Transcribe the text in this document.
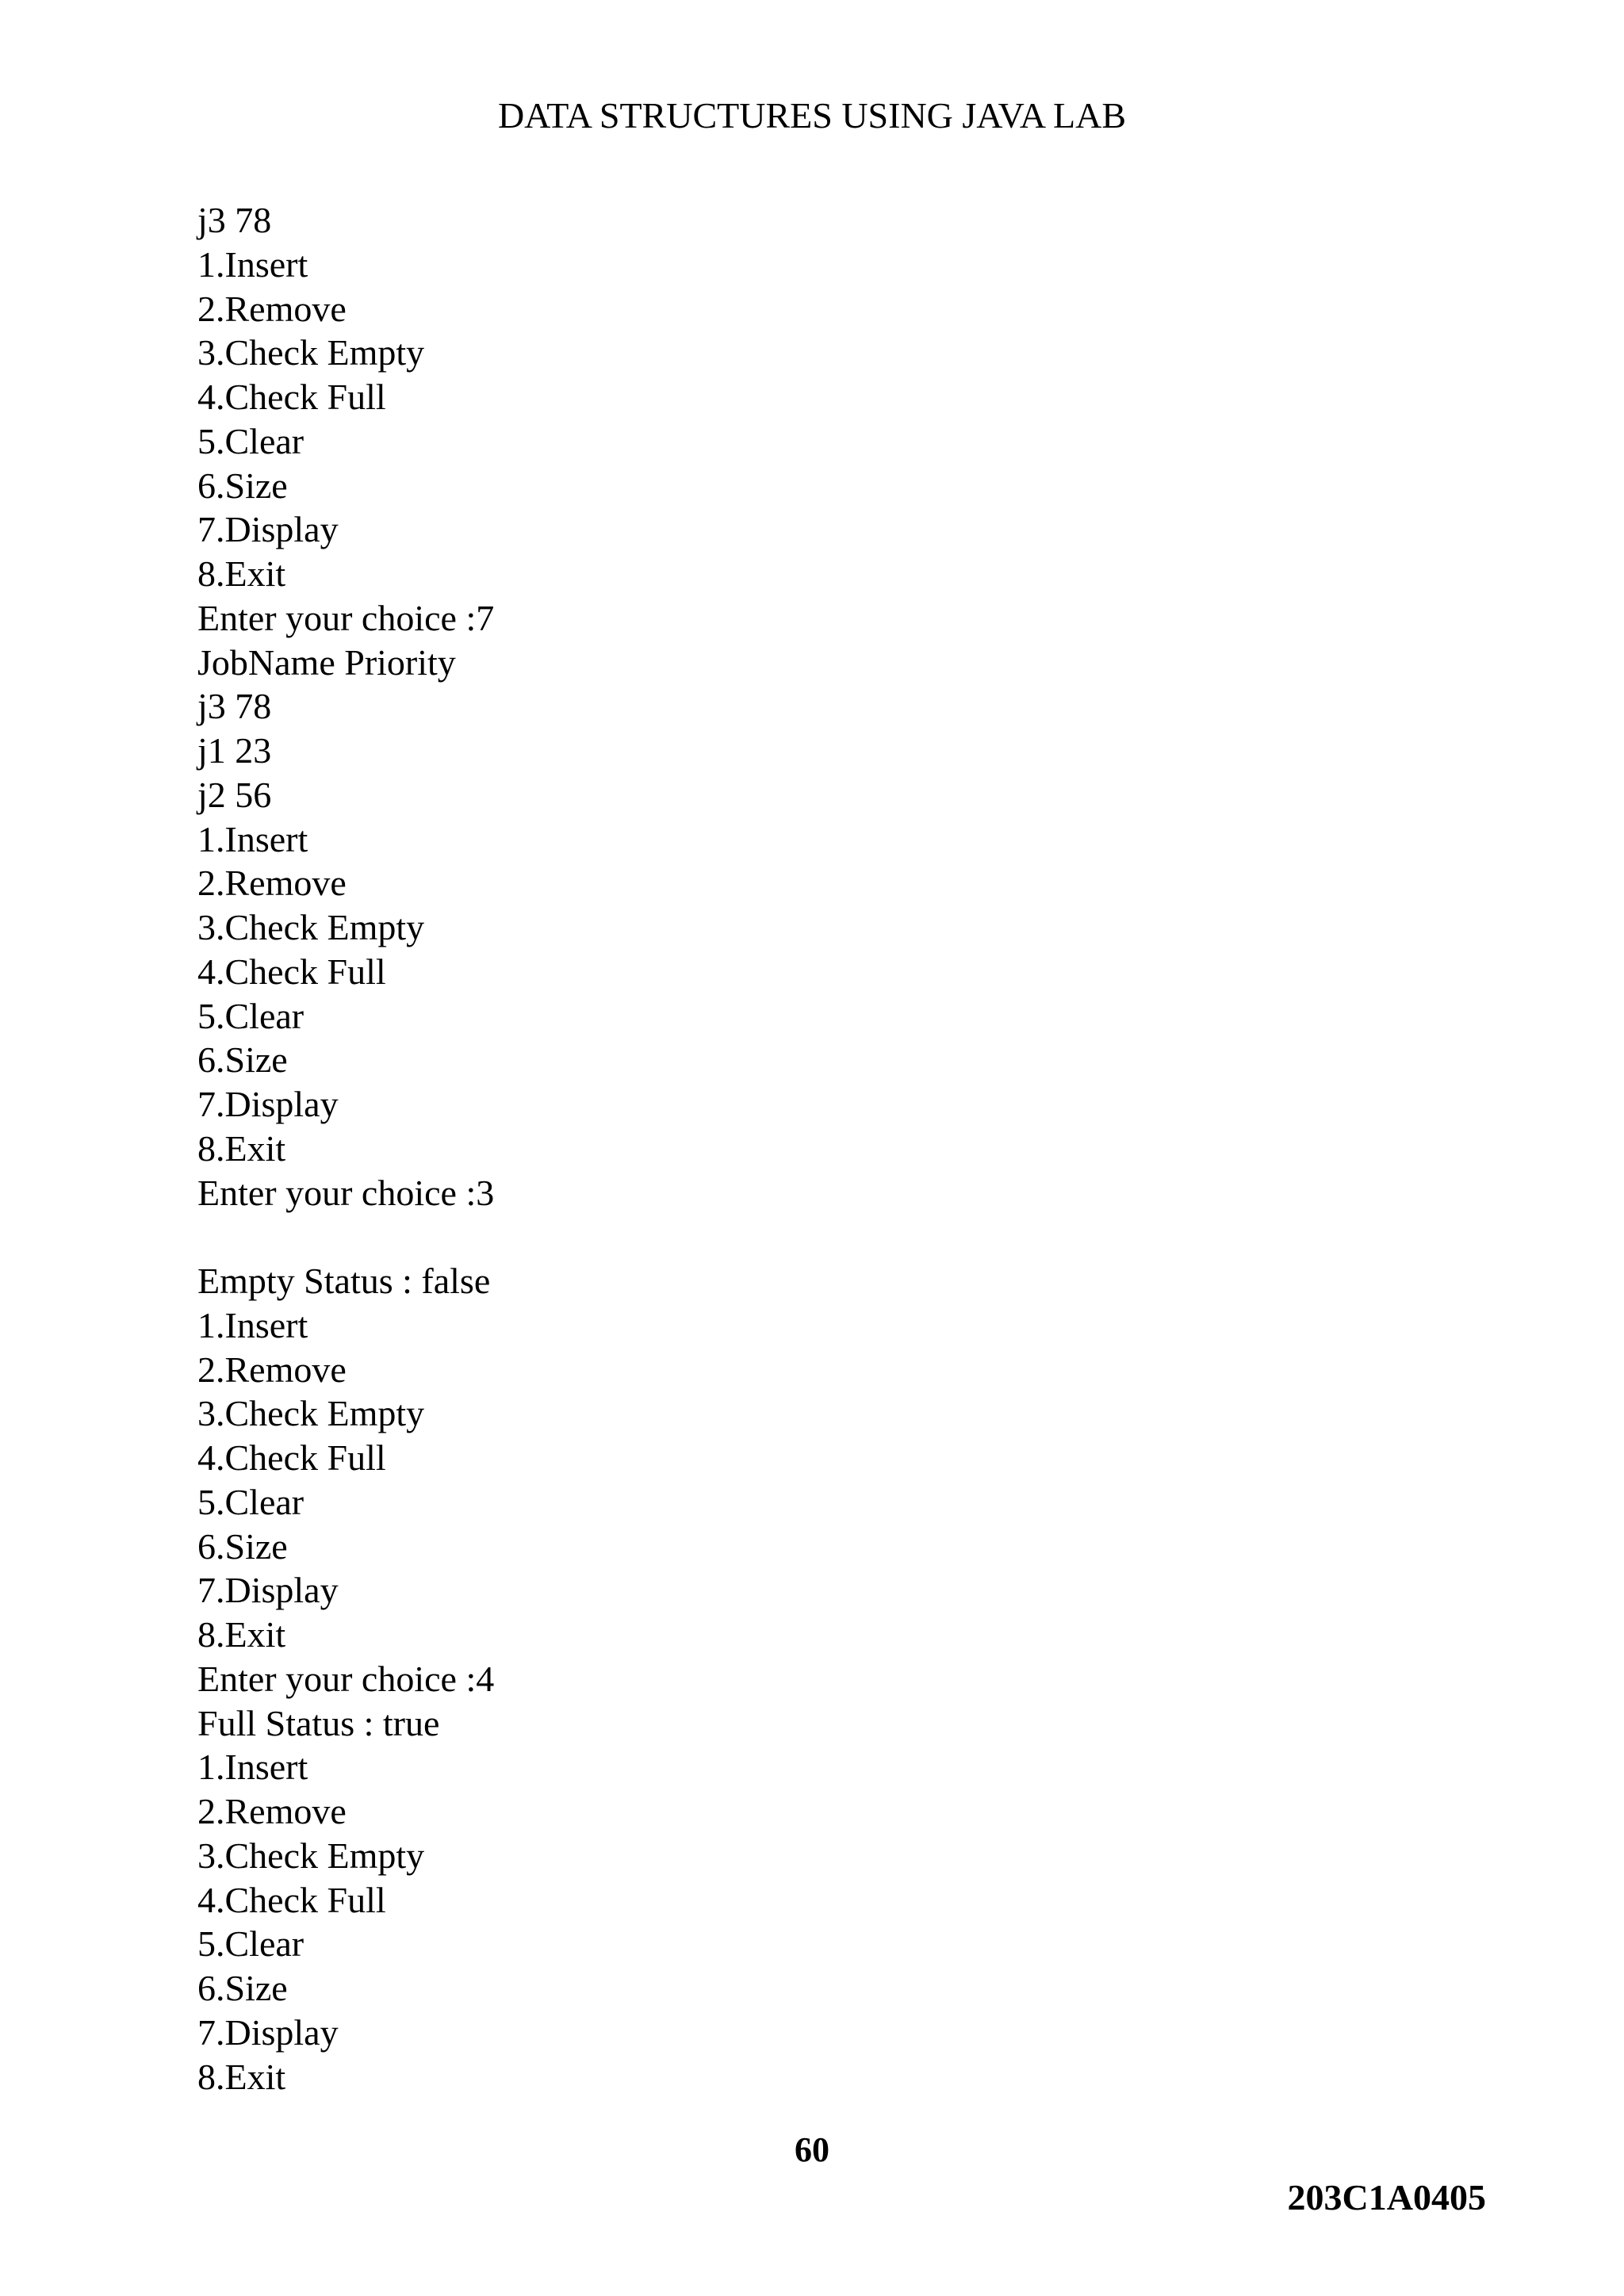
DATA STRUCTURES USING JAVA LAB
j3 78
1.Insert
2.Remove
3.Check Empty
4.Check Full
5.Clear
6.Size
7.Display
8.Exit
Enter your choice :7
JobName Priority
j3 78
j1 23
j2 56
1.Insert
2.Remove
3.Check Empty
4.Check Full
5.Clear
6.Size
7.Display
8.Exit
Enter your choice :3
Empty Status : false
1.Insert
2.Remove
3.Check Empty
4.Check Full
5.Clear
6.Size
7.Display
8.Exit
Enter your choice :4
Full Status : true
1.Insert
2.Remove
3.Check Empty
4.Check Full
5.Clear
6.Size
7.Display
8.Exit
60
203C1A0405
